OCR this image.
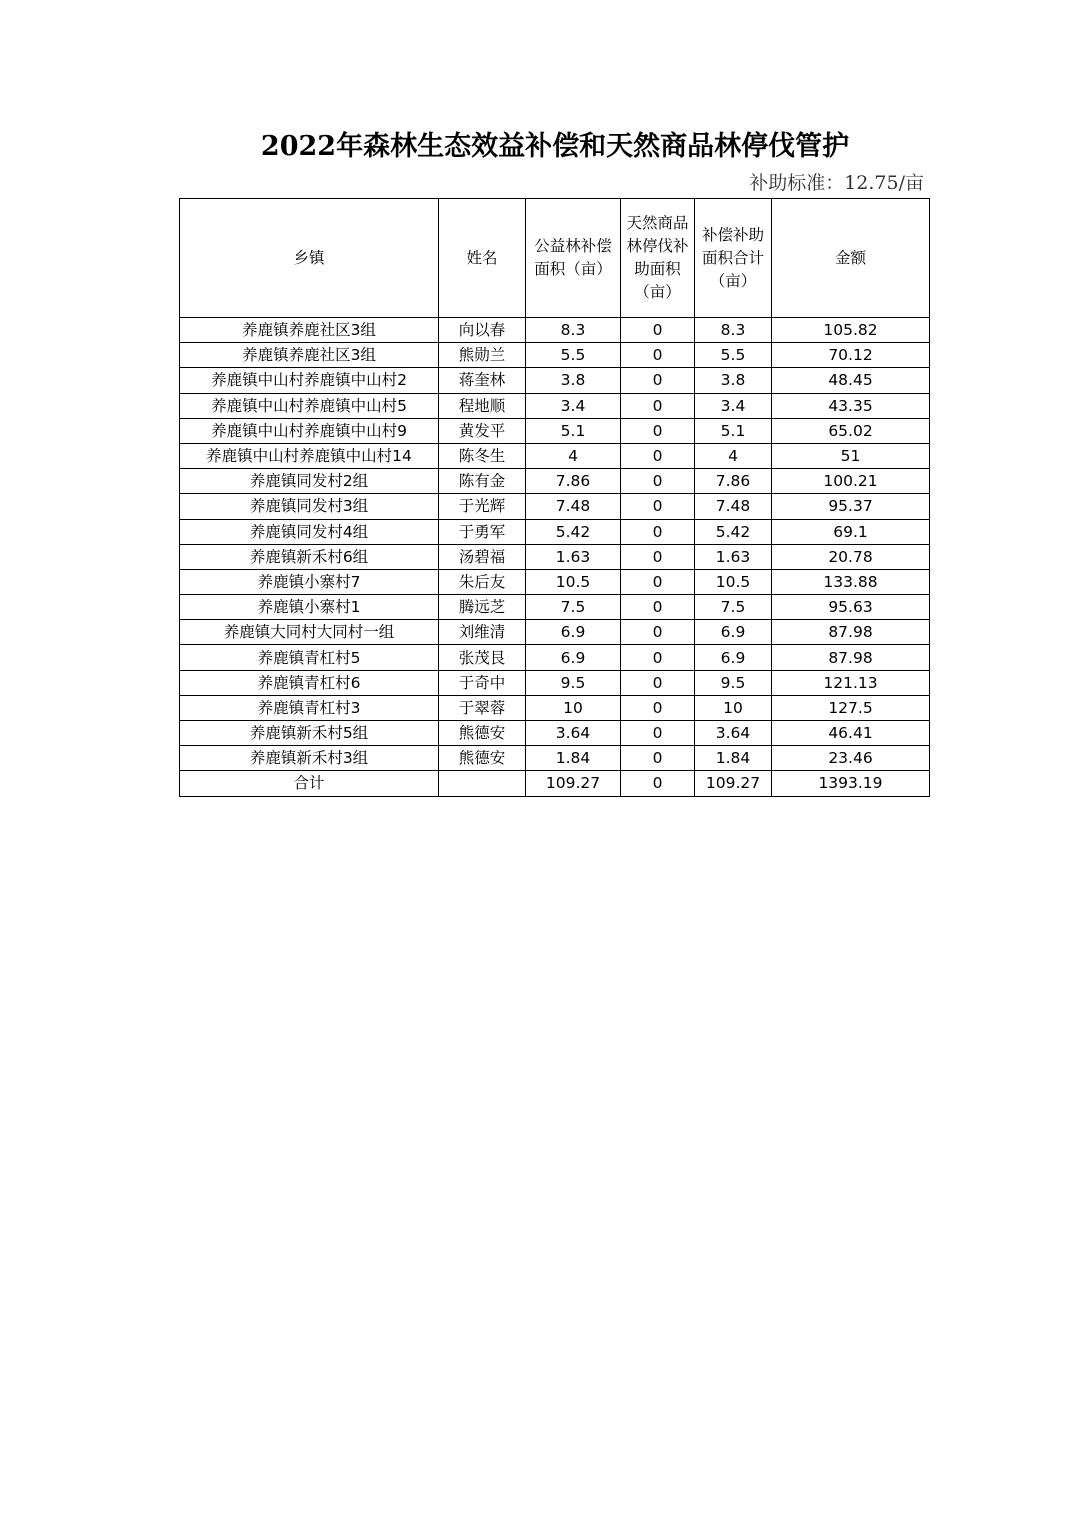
2022年森林生态效益补偿和天然商品林停伐管护
补助标准：12.75/亩
乡镇	姓名	公益林补偿面积（亩）	天然商品林停伐补助面积（亩）	补偿补助面积合计（亩）	金额
养鹿镇养鹿社区3组	向以春	8.3	0	8.3	105.82
养鹿镇养鹿社区3组	熊勋兰	5.5	0	5.5	70.12
养鹿镇中山村养鹿镇中山村2	蒋奎林	3.8	0	3.8	48.45
养鹿镇中山村养鹿镇中山村5	程地顺	3.4	0	3.4	43.35
养鹿镇中山村养鹿镇中山村9	黄发平	5.1	0	5.1	65.02
养鹿镇中山村养鹿镇中山村14	陈冬生	4	0	4	51
养鹿镇同发村2组	陈有金	7.86	0	7.86	100.21
养鹿镇同发村3组	于光辉	7.48	0	7.48	95.37
养鹿镇同发村4组	于勇军	5.42	0	5.42	69.1
养鹿镇新禾村6组	汤碧福	1.63	0	1.63	20.78
养鹿镇小寨村7	朱后友	10.5	0	10.5	133.88
养鹿镇小寨村1	腾远芝	7.5	0	7.5	95.63
养鹿镇大同村大同村一组	刘维清	6.9	0	6.9	87.98
养鹿镇青杠村5	张茂艮	6.9	0	6.9	87.98
养鹿镇青杠村6	于奇中	9.5	0	9.5	121.13
养鹿镇青杠村3	于翠蓉	10	0	10	127.5
养鹿镇新禾村5组	熊德安	3.64	0	3.64	46.41
养鹿镇新禾村3组	熊德安	1.84	0	1.84	23.46
合计		109.27	0	109.27	1393.19
